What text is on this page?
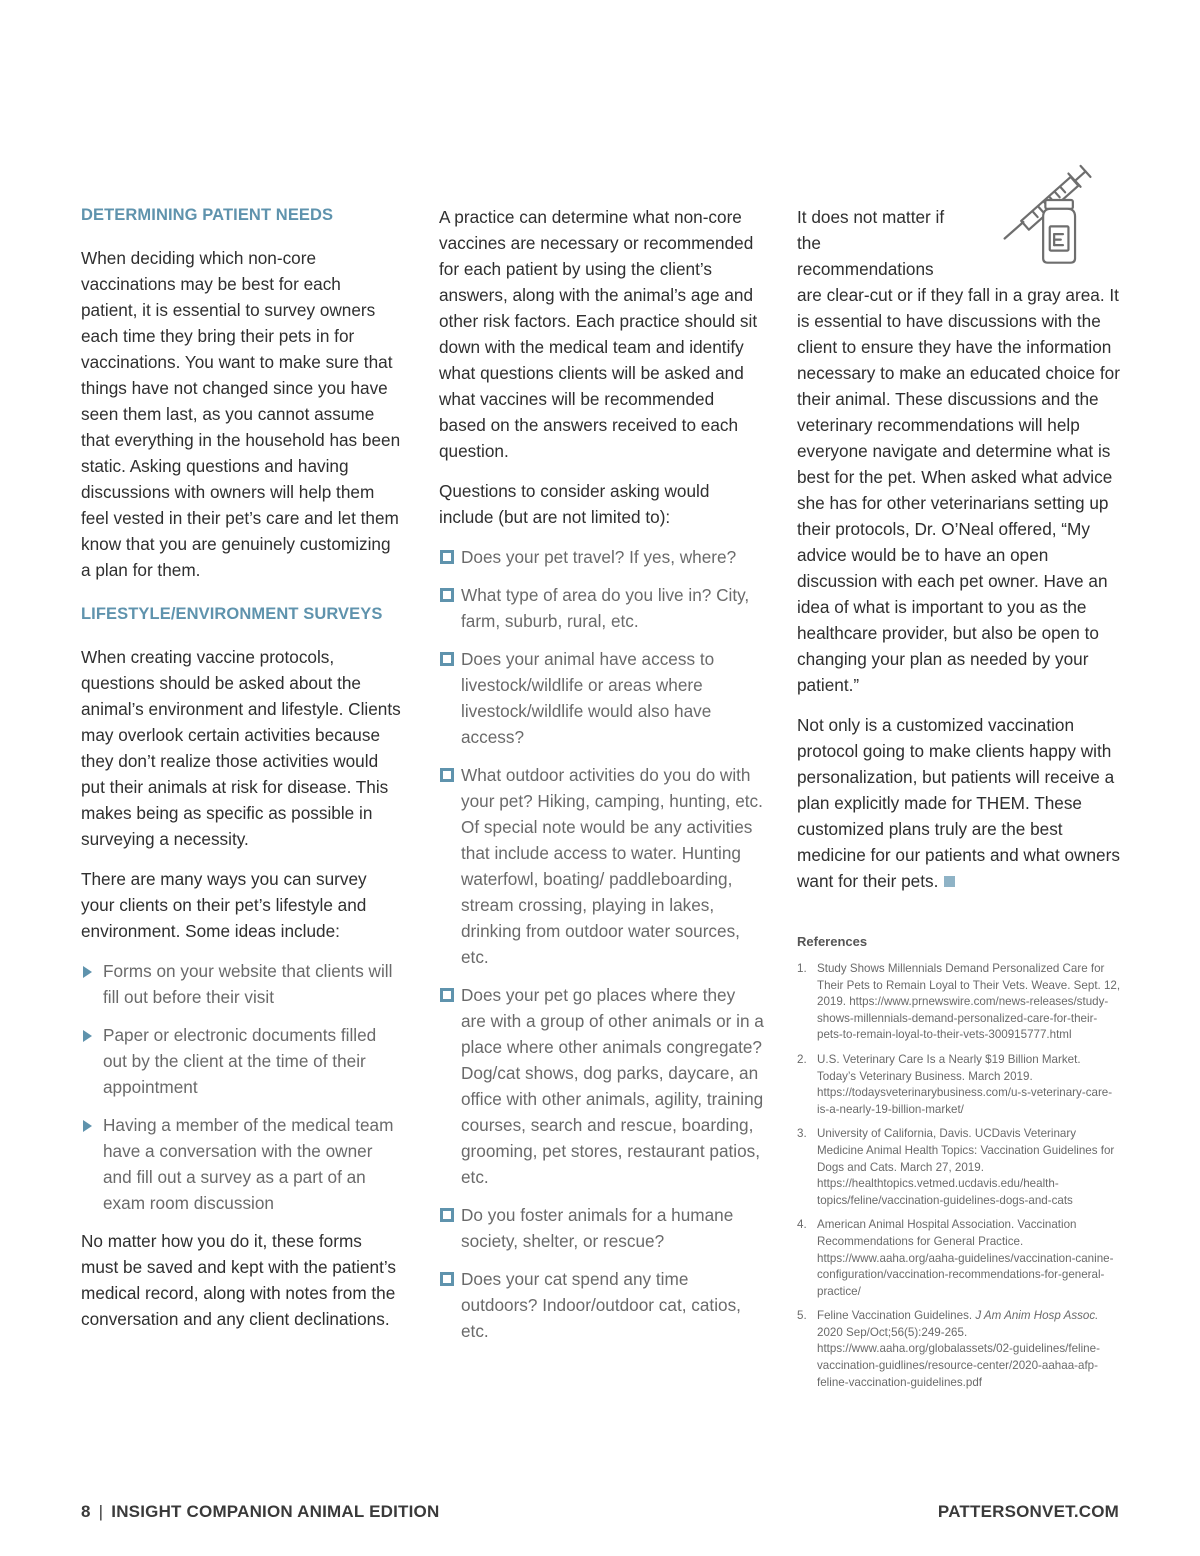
DETERMINING PATIENT NEEDS

When deciding which non-core vaccinations may be best for each patient, it is essential to survey owners each time they bring their pets in for vaccinations. You want to make sure that things have not changed since you have seen them last, as you cannot assume that everything in the household has been static. Asking questions and having discussions with owners will help them feel vested in their pet’s care and let them know that you are genuinely customizing a plan for them.

LIFESTYLE/ENVIRONMENT SURVEYS

When creating vaccine protocols, questions should be asked about the animal’s environment and lifestyle. Clients may overlook certain activities because they don’t realize those activities would put their animals at risk for disease. This makes being as specific as possible in surveying a necessity.

There are many ways you can survey your clients on their pet’s lifestyle and environment. Some ideas include:

Forms on your website that clients will fill out before their visit
Paper or electronic documents filled out by the client at the time of their appointment
Having a member of the medical team have a conversation with the owner and fill out a survey as a part of an exam room discussion

No matter how you do it, these forms must be saved and kept with the patient’s medical record, along with notes from the conversation and any client declinations.

A practice can determine what non-core vaccines are necessary or recommended for each patient by using the client’s answers, along with the animal’s age and other risk factors. Each practice should sit down with the medical team and identify what questions clients will be asked and what vaccines will be recommended based on the answers received to each question.

Questions to consider asking would include (but are not limited to):

Does your pet travel? If yes, where?
What type of area do you live in? City, farm, suburb, rural, etc.
Does your animal have access to livestock/wildlife or areas where livestock/wildlife would also have access?
What outdoor activities do you do with your pet? Hiking, camping, hunting, etc.
Of special note would be any activities that include access to water. Hunting waterfowl, boating/ paddleboarding, stream crossing, playing in lakes, drinking from outdoor water sources, etc.
Does your pet go places where they are with a group of other animals or in a place where other animals congregate? Dog/cat shows, dog parks, daycare, an office with other animals, agility, training courses, search and rescue, boarding, grooming, pet stores, restaurant patios, etc.
Do you foster animals for a humane society, shelter, or rescue?
Does your cat spend any time outdoors? Indoor/outdoor cat, catios, etc.

It does not matter if the recommendations are clear-cut or if they fall in a gray area. It is essential to have discussions with the client to ensure they have the information necessary to make an educated choice for their animal. These discussions and the veterinary recommendations will help everyone navigate and determine what is best for the pet. When asked what advice she has for other veterinarians setting up their protocols, Dr. O’Neal offered, “My advice would be to have an open discussion with each pet owner. Have an idea of what is important to you as the healthcare provider, but also be open to changing your plan as needed by your patient.”

Not only is a customized vaccination protocol going to make clients happy with personalization, but patients will receive a plan explicitly made for THEM. These customized plans truly are the best medicine for our patients and what owners want for their pets.

References
1. Study Shows Millennials Demand Personalized Care for Their Pets to Remain Loyal to Their Vets. Weave. Sept. 12, 2019. https://www.prnewswire.com/news-releases/study-shows-millennials-demand-personalized-care-for-their-pets-to-remain-loyal-to-their-vets-300915777.html
2. U.S. Veterinary Care Is a Nearly $19 Billion Market. Today’s Veterinary Business. March 2019. https://todaysveterinarybusiness.com/u-s-veterinary-care-is-a-nearly-19-billion-market/
3. University of California, Davis. UCDavis Veterinary Medicine Animal Health Topics: Vaccination Guidelines for Dogs and Cats. March 27, 2019. https://healthtopics.vetmed.ucdavis.edu/health-topics/feline/vaccination-guidelines-dogs-and-cats
4. American Animal Hospital Association. Vaccination Recommendations for General Practice. https://www.aaha.org/aaha-guidelines/vaccination-canine-configuration/vaccination-recommendations-for-general-practice/
5. Feline Vaccination Guidelines. J Am Anim Hosp Assoc. 2020 Sep/Oct;56(5):249-265. https://www.aaha.org/globalassets/02-guidelines/feline-vaccination-guidlines/resource-center/2020-aahaa-afp-feline-vaccination-guidelines.pdf
8 | INSIGHT COMPANION ANIMAL EDITION	PATTERSONVET.COM
